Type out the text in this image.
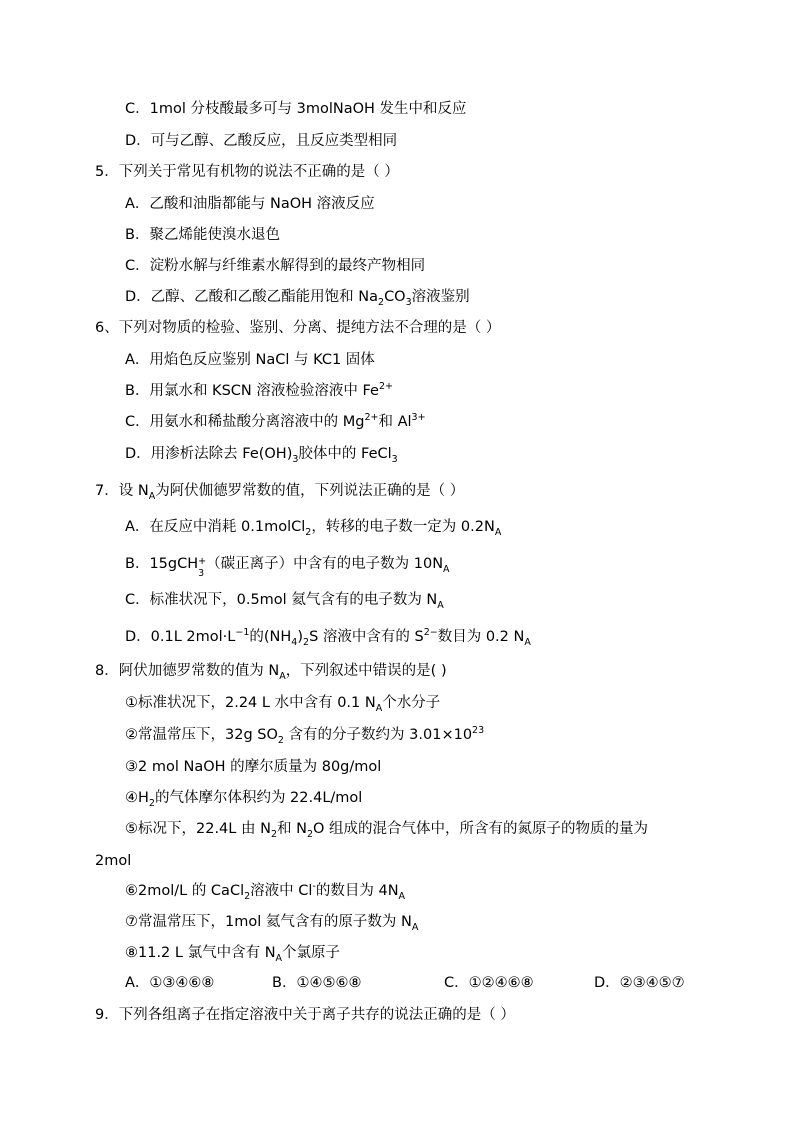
C．1mol 分枝酸最多可与 3molNaOH 发生中和反应
D．可与乙醇、乙酸反应，且反应类型相同
5．下列关于常见有机物的说法不正确的是（ ）
A．乙酸和油脂都能与 NaOH 溶液反应
B．聚乙烯能使溴水退色
C．淀粉水解与纤维素水解得到的最终产物相同
D．乙醇、乙酸和乙酸乙酯能用饱和 $Na_2CO_3$溶液鉴别
6、下列对物质的检验、鉴别、分离、提纯方法不合理的是（ ）
A．用焰色反应鉴别 NaCl 与 KC1 固体
B．用氯水和 KSCN 溶液检验溶液中 $Fe^{2+}$
C．用氨水和稀盐酸分离溶液中的 $Mg^{2+}$和 $Al^{3+}$
D．用渗析法除去 $Fe(OH)_3$胶体中的 FeCl$_3$
7．设 $N_A$为阿伏伽德罗常数的值，下列说法正确的是（ ）
A．在反应中消耗 0.1molCl$_2$，转移的电子数一定为 $0.2N_A$
B．15gCH +
3
（碳正离子）中含有的电子数为 $10N_A$
C．标准状况下，0.5mol 氦气含有的电子数为 $N_A$
D．0.1L $2mol\cdot L^{-1}$的$(NH_4)_2S$ 溶液中含有的 $S^{2-}$数目为 0.2 $N_A$
8．阿伏加德罗常数的值为 $N_A$，下列叙述中错误的是( )
①标准状况下，2.24 L 水中含有 0.1 $N_A$个水分子
②常温常压下，32g $SO_2$ 含有的分子数约为 $3.01\times 10^{23}$
③2 mol NaOH 的摩尔质量为 80g/mol
$④H_2$的气体摩尔体积约为 22.4L/mol
⑤标况下，22.4L 由 $N_2$和 $N_2O$ 组成的混合气体中，所含有的氮原子的物质的量为
2mol
⑥2mol/L 的 CaCl$_2$溶液中 Cl-的数目为 $4N_A$
⑦常温常压下，1mol 氦气含有的原子数为 $N_A$
⑧11.2 L 氯气中含有 $N_A$个氯原子
A．①③④⑥⑧	B．①④⑤⑥⑧	C．①②④⑥⑧	D．②③④⑤⑦
9．下列各组离子在指定溶液中关于离子共存的说法正确的是（ ）
